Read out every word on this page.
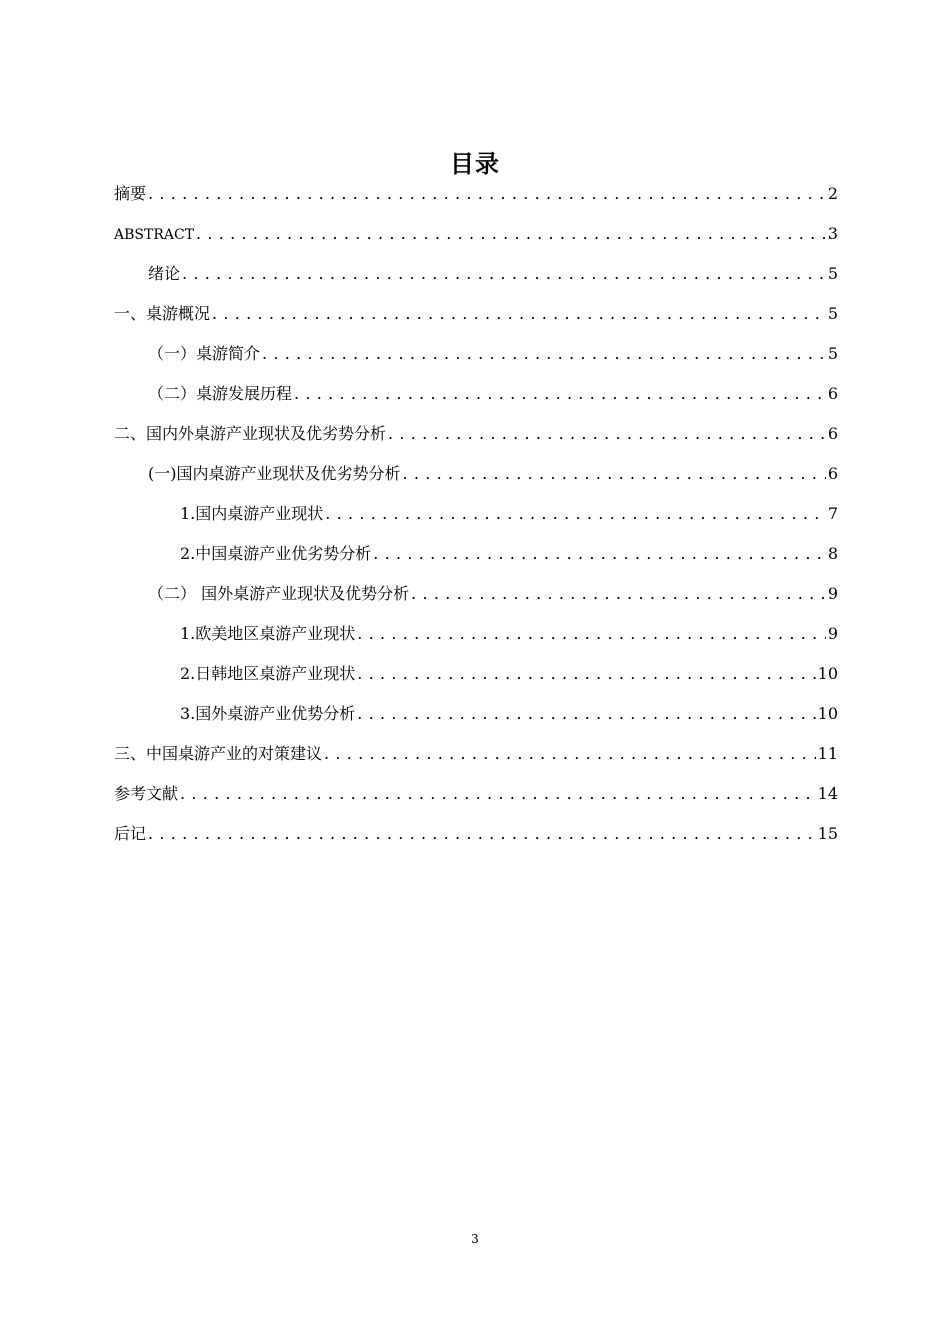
目录
摘要 . . .	2
ABSTRACT . . .	3
绪论 . . .	5
一、桌游概况 . . .	5
（一）桌游简介 . . .	5
（二）桌游发展历程 . . .	6
二、国内外桌游产业现状及优劣势分析 . . .	6
(一)国内桌游产业现状及优劣势分析 . . .	6
1.国内桌游产业现状 . . .	7
2.中国桌游产业优劣势分析 . . .	8
（二） 国外桌游产业现状及优势分析 . . .	9
1.欧美地区桌游产业现状 . . .	9
2.日韩地区桌游产业现状 . . .	10
3.国外桌游产业优势分析 . . .	10
三、中国桌游产业的对策建议 . . .	11
参考文献 . . .	14
后记 . . .	15
3
